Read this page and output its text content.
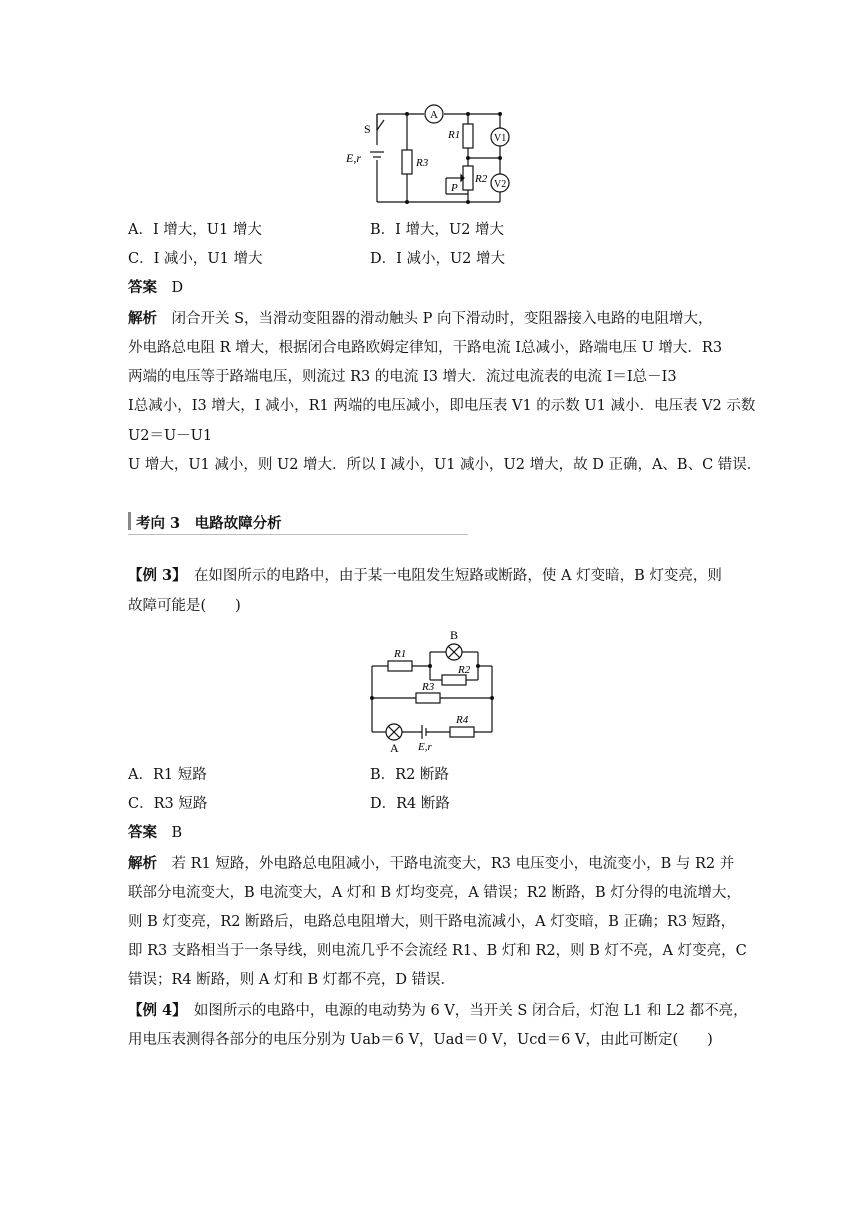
S
E,r
A
R3
R1
R2
P
V1
V2
A．I 增大，U1 增大	B．I 增大，U2 增大
C．I 减小，U1 增大	D．I 减小，U2 增大
答案　 D
解析　 闭合开关 S，当滑动变阻器的滑动触头 P 向下滑动时，变阻器接入电路的电阻增大，
外电路总电阻 R 增大，根据闭合电路欧姆定律知，干路电流 I总减小，路端电压 U 增大．R3
两端的电压等于路端电压，则流过 R3 的电流 I3 增大．流过电流表的电流 I＝I总－I3
I总减小，I3 增大，I 减小，R1 两端的电压减小，即电压表 V1 的示数 U1 减小．电压表 V2 示数
U2＝U－U1
U 增大，U1 减小，则 U2 增大．所以 I 减小，U1 减小，U2 增大，故 D 正确，A、B、C 错误．
考向 3　电路故障分析
【例 3】　 在如图所示的电路中，由于某一电阻发生短路或断路，使 A 灯变暗，B 灯变亮，则
故障可能是(　　)
B
R1
R2
R3
R4
A E,r
A．R1 短路	B．R2 断路
C．R3 短路	D．R4 断路
答案　 B
解析　 若 R1 短路，外电路总电阻减小，干路电流变大，R3 电压变小，电流变小，B 与 R2 并
联部分电流变大，B 电流变大，A 灯和 B 灯均变亮，A 错误；R2 断路，B 灯分得的电流增大，
则 B 灯变亮，R2 断路后，电路总电阻增大，则干路电流减小，A 灯变暗，B 正确；R3 短路，
即 R3 支路相当于一条导线，则电流几乎不会流经 R1、B 灯和 R2，则 B 灯不亮，A 灯变亮，C
错误；R4 断路，则 A 灯和 B 灯都不亮，D 错误．
【例 4】　 如图所示的电路中，电源的电动势为 6 V，当开关 S 闭合后，灯泡 L1 和 L2 都不亮，
用电压表测得各部分的电压分别为 Uab＝6 V，Uad＝0 V，Ucd＝6 V，由此可断定(　　)
